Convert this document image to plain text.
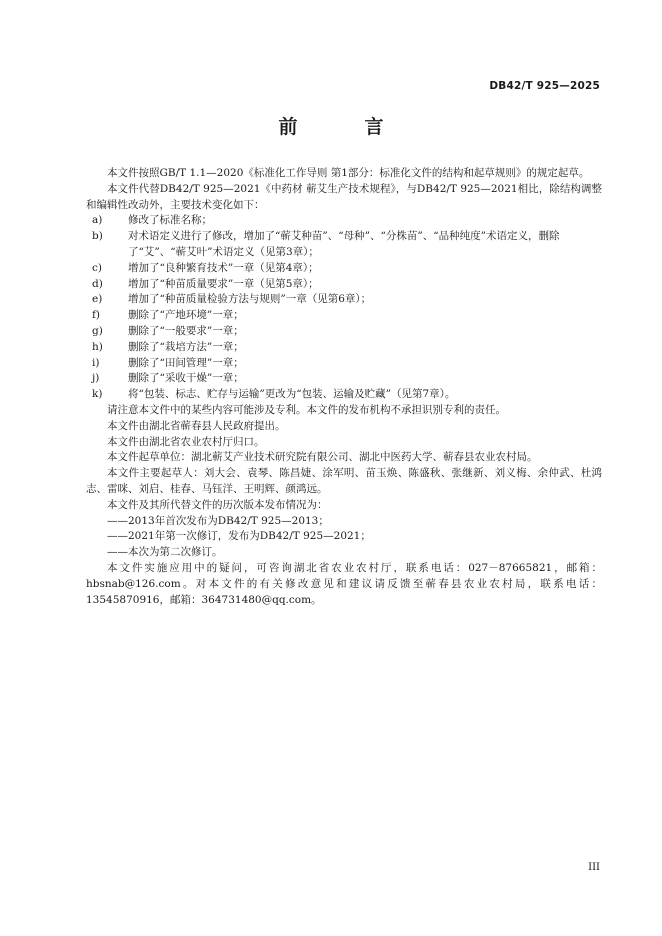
DB42/T 925—2025
前　言

本文件按照GB/T 1.1—2020《标准化工作导则 第1部分：标准化文件的结构和起草规则》的规定起草。

本文件代替DB42/T 925—2021《中药材 蕲艾生产技术规程》，与DB42/T 925—2021相比，除结构调整和编辑性改动外，主要技术变化如下：

a)	修改了标准名称；
b)	对术语定义进行了修改，增加了“蕲艾种苗”、“母种”、“分株苗”、“品种纯度”术语定义，删除了“艾”、“蕲艾叶”术语定义（见第3章）；
c)	增加了“良种繁育技术”一章（见第4章）；
d)	增加了“种苗质量要求”一章（见第5章）；
e)	增加了“种苗质量检验方法与规则”一章（见第6章）；
f)	删除了“产地环境”一章；
g)	删除了“一般要求”一章；
h)	删除了“栽培方法”一章；
i)	删除了“田间管理”一章；
j)	删除了“采收干燥”一章；
k)	将“包装、标志、贮存与运输”更改为“包装、运输及贮藏”（见第7章）。

请注意本文件中的某些内容可能涉及专利。本文件的发布机构不承担识别专利的责任。

本文件由湖北省蕲春县人民政府提出。

本文件由湖北省农业农村厅归口。

本文件起草单位：湖北蕲艾产业技术研究院有限公司、湖北中医药大学、蕲春县农业农村局。

本文件主要起草人：刘大会、袁琴、陈昌婕、涂军明、苗玉焕、陈盛秋、张继新、刘义梅、余仲武、杜鸿志、雷咪、刘启、桂春、马钰洋、王明辉、颜鸿远。

本文件及其所代替文件的历次版本发布情况为：

——2013年首次发布为DB42/T 925—2013；

——2021年第一次修订，发布为DB42/T 925—2021；

——本次为第二次修订。

本文件实施应用中的疑问，可咨询湖北省农业农村厅，联系电话：027－87665821，邮箱：hbsnab@126.com。对本文件的有关修改意见和建议请反馈至蕲春县农业农村局，联系电话：13545870916，邮箱：364731480@qq.com。

III
